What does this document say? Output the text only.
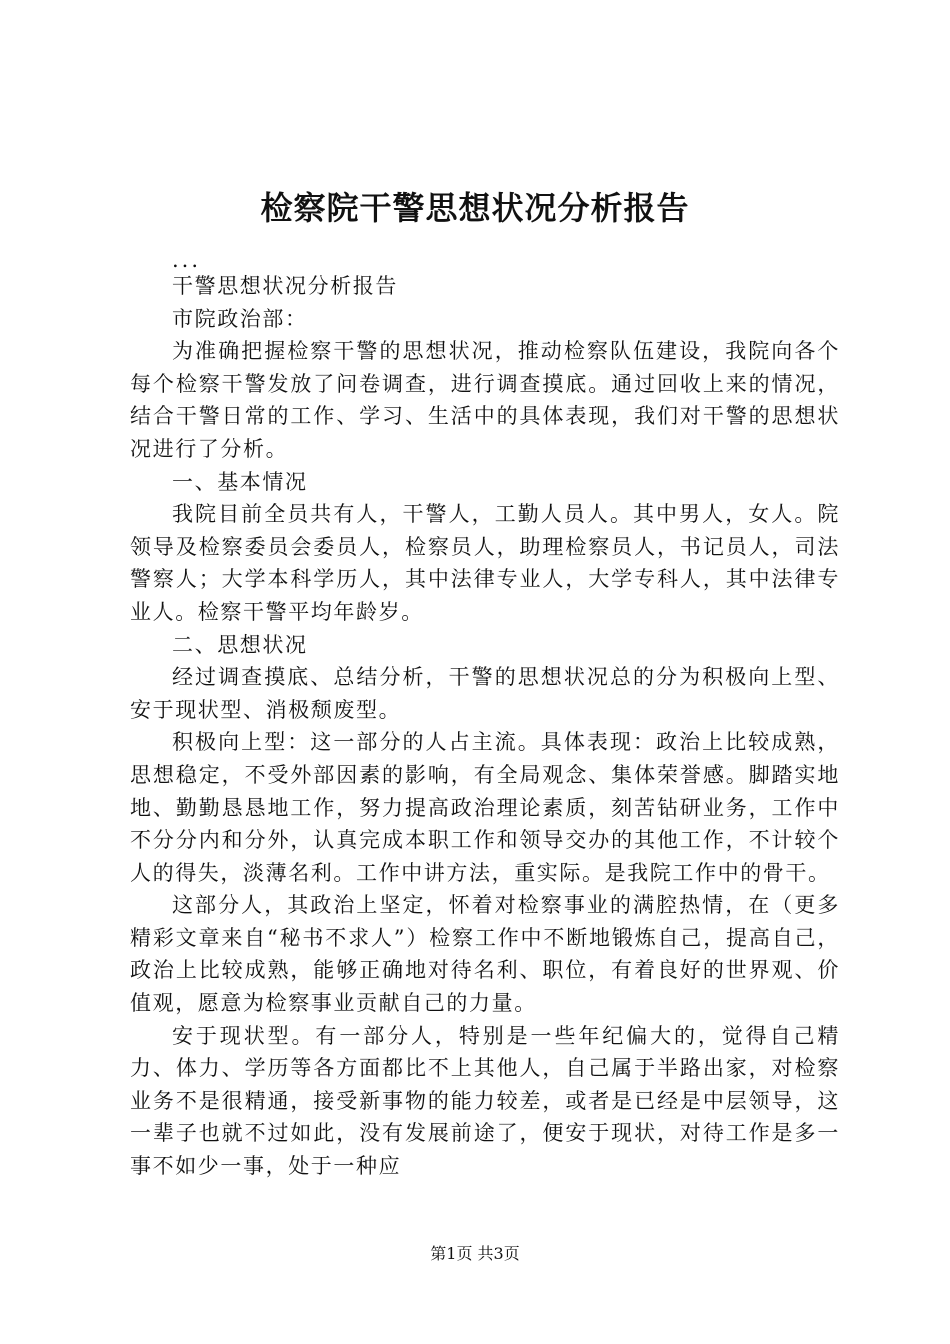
检察院干警思想状况分析报告

...

干警思想状况分析报告

市院政治部：

为准确把握检察干警的思想状况，推动检察队伍建设，我院向各个每个检察干警发放了问卷调查，进行调查摸底。通过回收上来的情况，结合干警日常的工作、学习、生活中的具体表现，我们对干警的思想状况进行了分析。

一、基本情况

我院目前全员共有人，干警人，工勤人员人。其中男人，女人。院领导及检察委员会委员人，检察员人，助理检察员人，书记员人，司法警察人；大学本科学历人，其中法律专业人，大学专科人，其中法律专业人。检察干警平均年龄岁。

二、思想状况

经过调查摸底、总结分析，干警的思想状况总的分为积极向上型、安于现状型、消极颓废型。

积极向上型：这一部分的人占主流。具体表现：政治上比较成熟，思想稳定，不受外部因素的影响，有全局观念、集体荣誉感。脚踏实地地、勤勤恳恳地工作，努力提高政治理论素质，刻苦钻研业务，工作中不分分内和分外，认真完成本职工作和领导交办的其他工作，不计较个人的得失，淡薄名利。工作中讲方法，重实际。是我院工作中的骨干。

这部分人，其政治上坚定，怀着对检察事业的满腔热情，在（更多精彩文章来自“秘书不求人”）检察工作中不断地锻炼自己，提高自己，政治上比较成熟，能够正确地对待名利、职位，有着良好的世界观、价值观，愿意为检察事业贡献自己的力量。

安于现状型。有一部分人，特别是一些年纪偏大的，觉得自己精力、体力、学历等各方面都比不上其他人，自己属于半路出家，对检察业务不是很精通，接受新事物的能力较差，或者是已经是中层领导，这一辈子也就不过如此，没有发展前途了，便安于现状，对待工作是多一事不如少一事，处于一种应

第1页 共3页
